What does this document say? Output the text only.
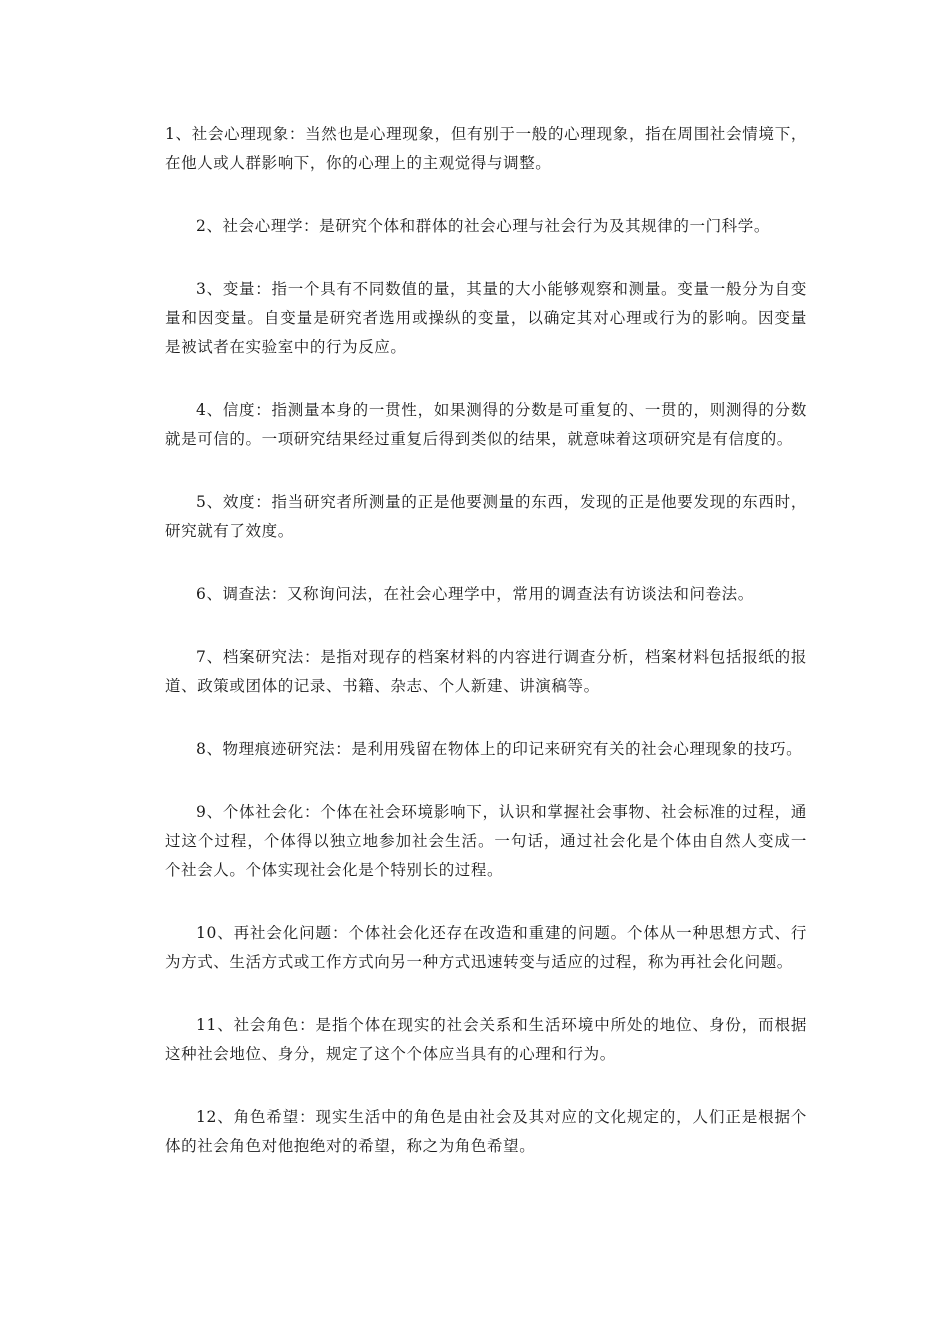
1、社会心理现象：当然也是心理现象，但有别于一般的心理现象，指在周围社会情境下，在他人或人群影响下，你的心理上的主观觉得与调整。

2、社会心理学：是研究个体和群体的社会心理与社会行为及其规律的一门科学。

3、变量：指一个具有不同数值的量，其量的大小能够观察和测量。变量一般分为自变量和因变量。自变量是研究者选用或操纵的变量，以确定其对心理或行为的影响。因变量是被试者在实验室中的行为反应。

4、信度：指测量本身的一贯性，如果测得的分数是可重复的、一贯的，则测得的分数就是可信的。一项研究结果经过重复后得到类似的结果，就意味着这项研究是有信度的。

5、效度：指当研究者所测量的正是他要测量的东西，发现的正是他要发现的东西时，研究就有了效度。

6、调查法：又称询问法，在社会心理学中，常用的调查法有访谈法和问卷法。

7、档案研究法：是指对现存的档案材料的内容进行调查分析，档案材料包括报纸的报道、政策或团体的记录、书籍、杂志、个人新建、讲演稿等。

8、物理痕迹研究法：是利用残留在物体上的印记来研究有关的社会心理现象的技巧。

9、个体社会化：个体在社会环境影响下，认识和掌握社会事物、社会标准的过程，通过这个过程，个体得以独立地参加社会生活。一句话，通过社会化是个体由自然人变成一个社会人。个体实现社会化是个特别长的过程。

10、再社会化问题：个体社会化还存在改造和重建的问题。个体从一种思想方式、行为方式、生活方式或工作方式向另一种方式迅速转变与适应的过程，称为再社会化问题。

11、社会角色：是指个体在现实的社会关系和生活环境中所处的地位、身份，而根据这种社会地位、身分，规定了这个个体应当具有的心理和行为。

12、角色希望：现实生活中的角色是由社会及其对应的文化规定的，人们正是根据个体的社会角色对他抱绝对的希望，称之为角色希望。
